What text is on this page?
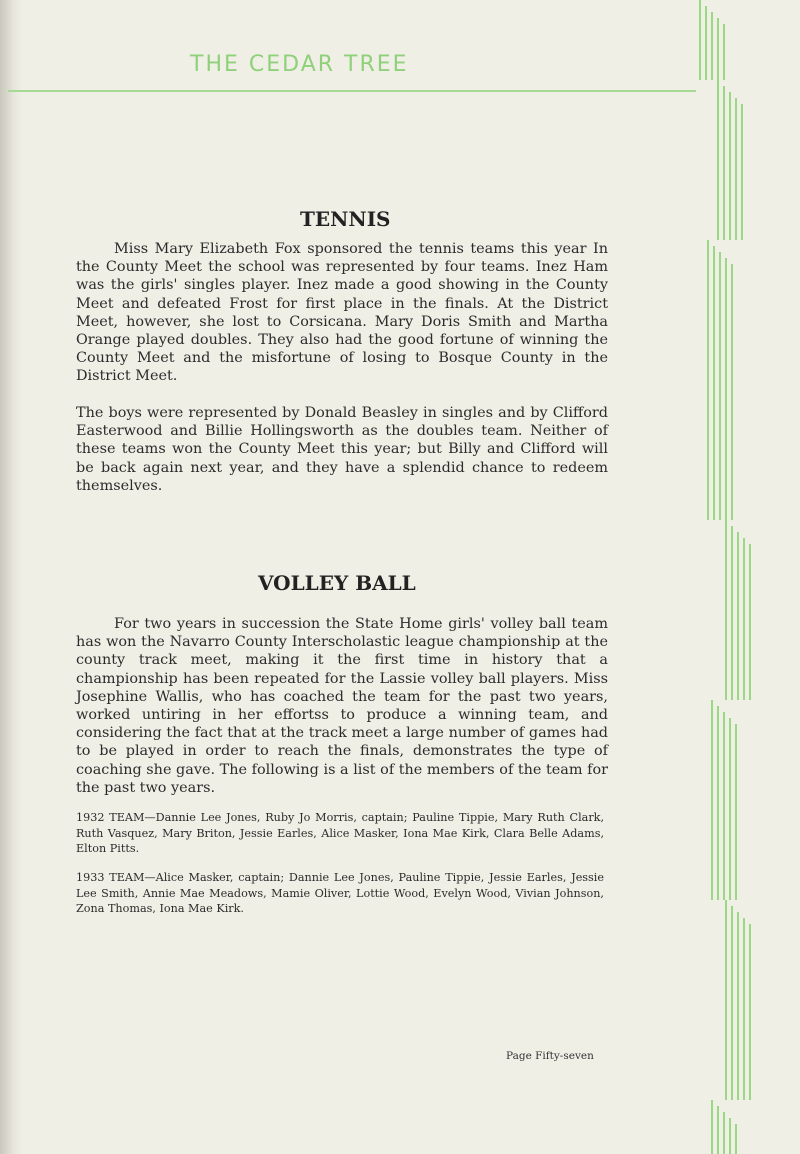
THE CEDAR TREE
TENNIS

Miss Mary Elizabeth Fox sponsored the tennis teams this year In the County Meet the school was represented by four teams. Inez Ham was the girls' singles player. Inez made a good showing in the County Meet and defeated Frost for first place in the finals. At the District Meet, however, she lost to Corsicana. Mary Doris Smith and Martha Orange played doubles. They also had the good fortune of winning the County Meet and the misfortune of losing to Bosque County in the District Meet.

The boys were represented by Donald Beasley in singles and by Clifford Easterwood and Billie Hollingsworth as the doubles team. Neither of these teams won the County Meet this year; but Billy and Clifford will be back again next year, and they have a splendid chance to redeem themselves.

VOLLEY BALL

For two years in succession the State Home girls' volley ball team has won the Navarro County Interscholastic league championship at the county track meet, making it the first time in history that a championship has been repeated for the Lassie volley ball players. Miss Josephine Wallis, who has coached the team for the past two years, worked untiring in her effortss to produce a winning team, and considering the fact that at the track meet a large number of games had to be played in order to reach the finals, demonstrates the type of coaching she gave. The following is a list of the members of the team for the past two years.

1932 TEAM—Dannie Lee Jones, Ruby Jo Morris, captain; Pauline Tippie, Mary Ruth Clark, Ruth Vasquez, Mary Briton, Jessie Earles, Alice Masker, Iona Mae Kirk, Clara Belle Adams, Elton Pitts.

1933 TEAM—Alice Masker, captain; Dannie Lee Jones, Pauline Tippie, Jessie Earles, Jessie Lee Smith, Annie Mae Meadows, Mamie Oliver, Lottie Wood, Evelyn Wood, Vivian Johnson, Zona Thomas, Iona Mae Kirk.

Page Fifty-seven
